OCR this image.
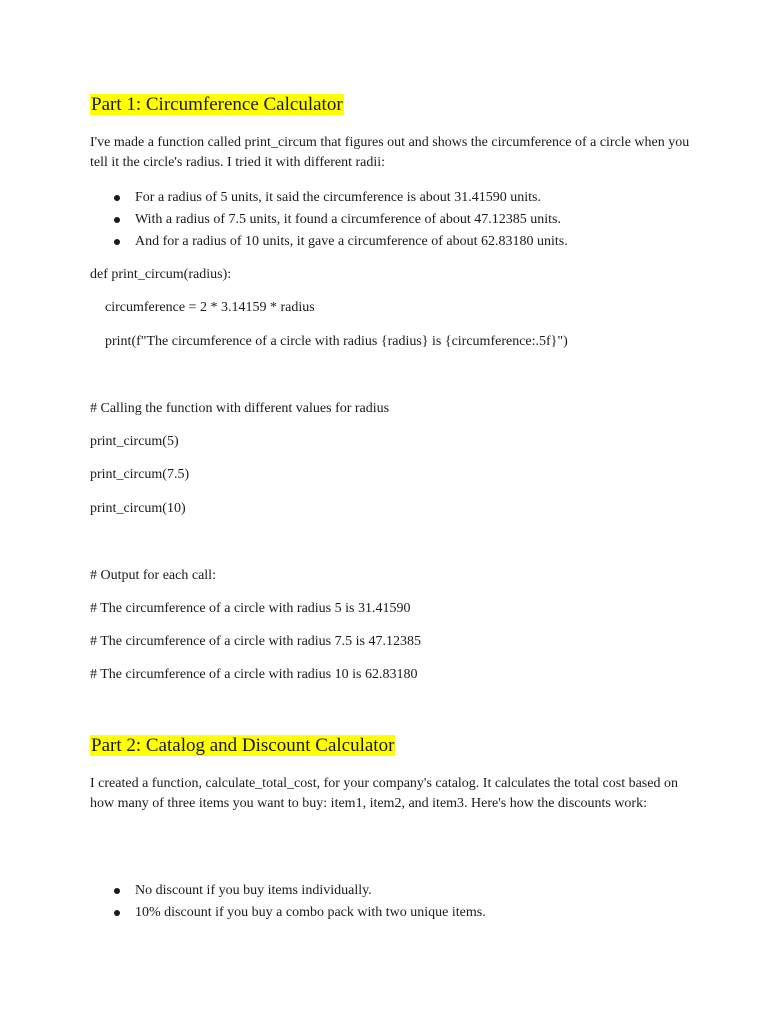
Part 1: Circumference Calculator

I've made a function called print_circum that figures out and shows the circumference of a circle when you tell it the circle's radius. I tried it with different radii:

For a radius of 5 units, it said the circumference is about 31.41590 units.
With a radius of 7.5 units, it found a circumference of about 47.12385 units.
And for a radius of 10 units, it gave a circumference of about 62.83180 units.

def print_circum(radius):

circumference = 2 * 3.14159 * radius

print(f"The circumference of a circle with radius {radius} is {circumference:.5f}")

# Calling the function with different values for radius

print_circum(5)

print_circum(7.5)

print_circum(10)

# Output for each call:

# The circumference of a circle with radius 5 is 31.41590

# The circumference of a circle with radius 7.5 is 47.12385

# The circumference of a circle with radius 10 is 62.83180

Part 2: Catalog and Discount Calculator

I created a function, calculate_total_cost, for your company's catalog. It calculates the total cost based on how many of three items you want to buy: item1, item2, and item3. Here's how the discounts work:

No discount if you buy items individually.
10% discount if you buy a combo pack with two unique items.
